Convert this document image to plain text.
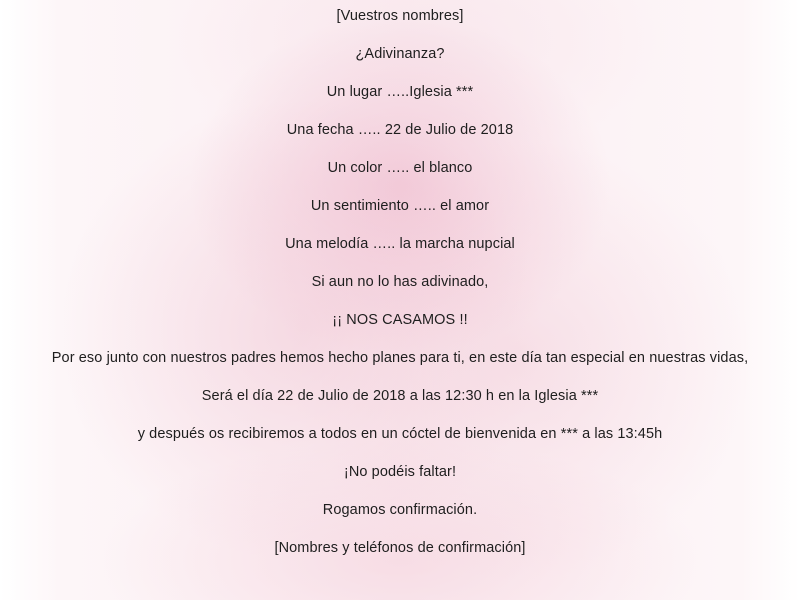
[Vuestros nombres]
¿Adivinanza?
Un lugar …..Iglesia ***
Una fecha ….. 22 de Julio de 2018
Un color ….. el blanco
Un sentimiento ….. el amor
Una melodía ….. la marcha nupcial
Si aun no lo has adivinado,
¡¡ NOS CASAMOS !!
Por eso junto con nuestros padres hemos hecho planes para ti, en este día tan especial en nuestras vidas,
Será el día 22 de Julio de 2018 a las 12:30 h en la Iglesia ***
y después os recibiremos a todos en un cóctel de bienvenida en *** a las 13:45h
¡No podéis faltar!
Rogamos confirmación.
[Nombres y teléfonos de confirmación]
